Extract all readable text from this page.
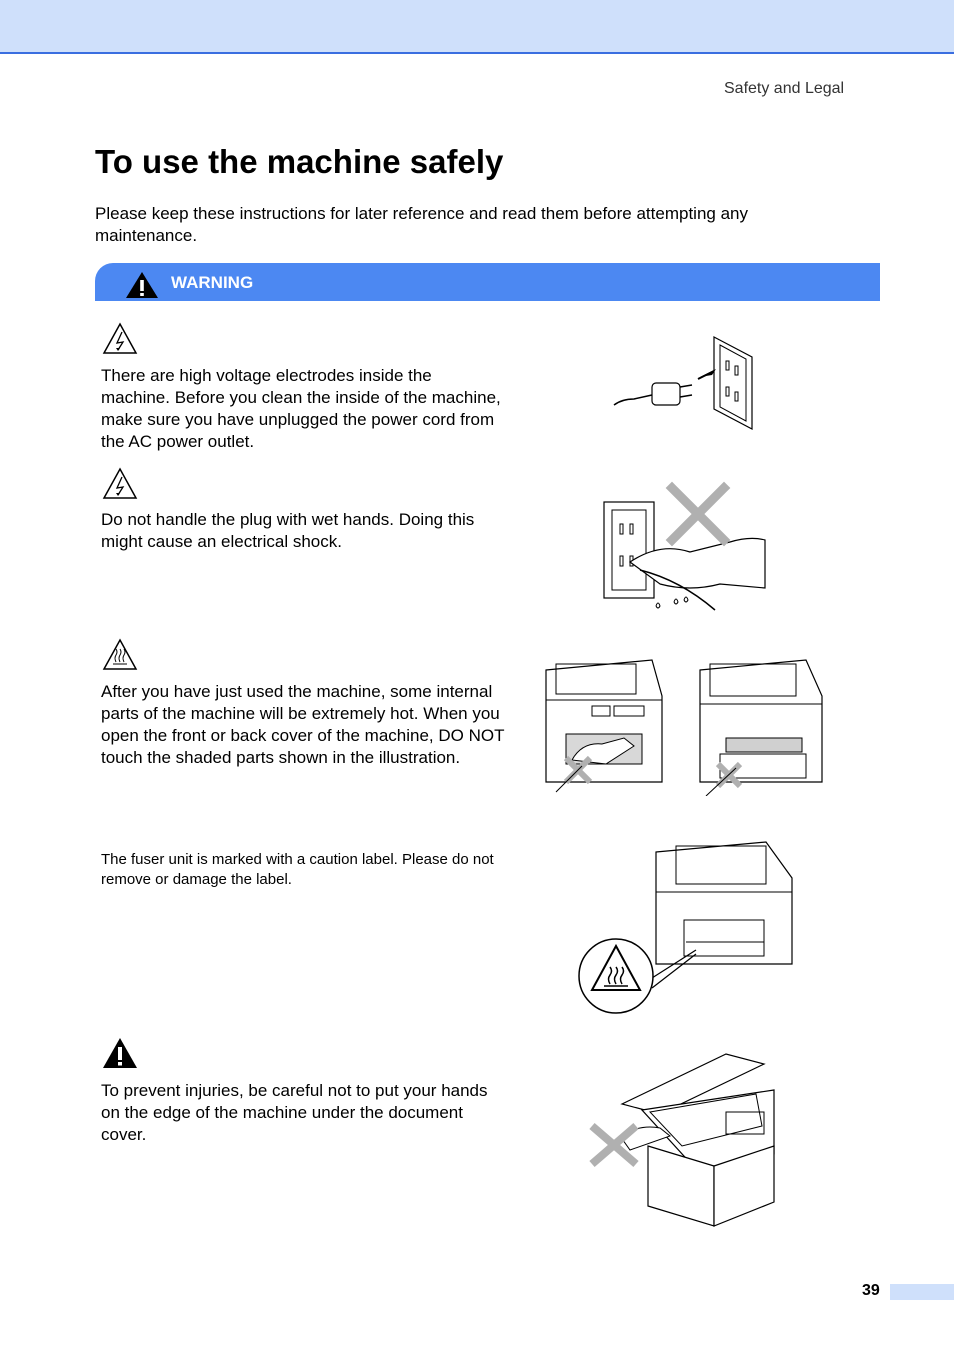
Safety and Legal
To use the machine safely
Please keep these instructions for later reference and read them before attempting any maintenance.
WARNING
There are high voltage electrodes inside the machine. Before you clean the inside of the machine, make sure you have unplugged the power cord from the AC power outlet.
Do not handle the plug with wet hands. Doing this might cause an electrical shock.
After you have just used the machine, some internal parts of the machine will be extremely hot. When you open the front or back cover of the machine, DO NOT touch the shaded parts shown in the illustration.
The fuser unit is marked with a caution label. Please do not remove or damage the label.
To prevent injuries, be careful not to put your hands on the edge of the machine under the document cover.
39
